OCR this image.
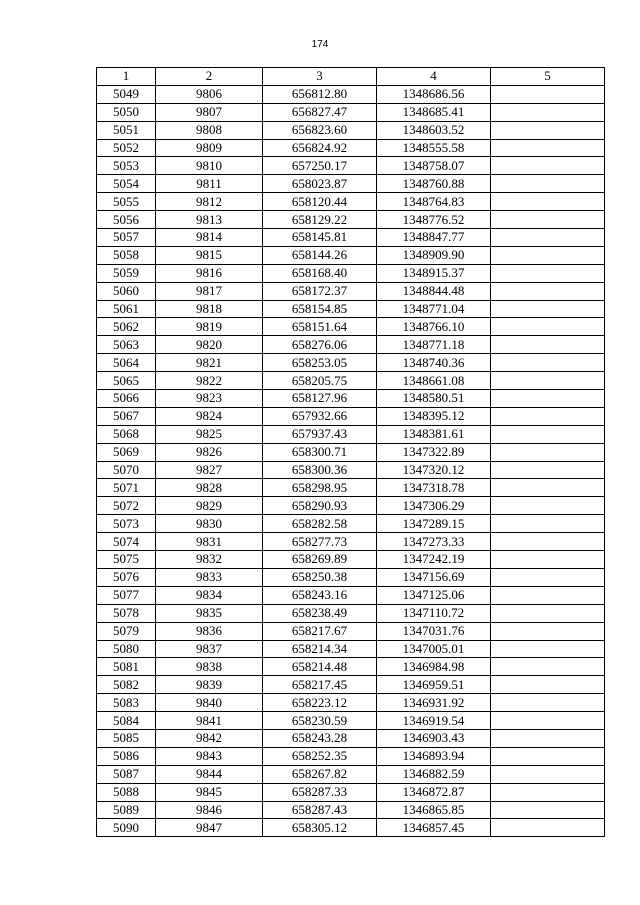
174
1	2	3	4	5
5049	9806	656812.80	1348686.56	
5050	9807	656827.47	1348685.41	
5051	9808	656823.60	1348603.52	
5052	9809	656824.92	1348555.58	
5053	9810	657250.17	1348758.07	
5054	9811	658023.87	1348760.88	
5055	9812	658120.44	1348764.83	
5056	9813	658129.22	1348776.52	
5057	9814	658145.81	1348847.77	
5058	9815	658144.26	1348909.90	
5059	9816	658168.40	1348915.37	
5060	9817	658172.37	1348844.48	
5061	9818	658154.85	1348771.04	
5062	9819	658151.64	1348766.10	
5063	9820	658276.06	1348771.18	
5064	9821	658253.05	1348740.36	
5065	9822	658205.75	1348661.08	
5066	9823	658127.96	1348580.51	
5067	9824	657932.66	1348395.12	
5068	9825	657937.43	1348381.61	
5069	9826	658300.71	1347322.89	
5070	9827	658300.36	1347320.12	
5071	9828	658298.95	1347318.78	
5072	9829	658290.93	1347306.29	
5073	9830	658282.58	1347289.15	
5074	9831	658277.73	1347273.33	
5075	9832	658269.89	1347242.19	
5076	9833	658250.38	1347156.69	
5077	9834	658243.16	1347125.06	
5078	9835	658238.49	1347110.72	
5079	9836	658217.67	1347031.76	
5080	9837	658214.34	1347005.01	
5081	9838	658214.48	1346984.98	
5082	9839	658217.45	1346959.51	
5083	9840	658223.12	1346931.92	
5084	9841	658230.59	1346919.54	
5085	9842	658243.28	1346903.43	
5086	9843	658252.35	1346893.94	
5087	9844	658267.82	1346882.59	
5088	9845	658287.33	1346872.87	
5089	9846	658287.43	1346865.85	
5090	9847	658305.12	1346857.45	
